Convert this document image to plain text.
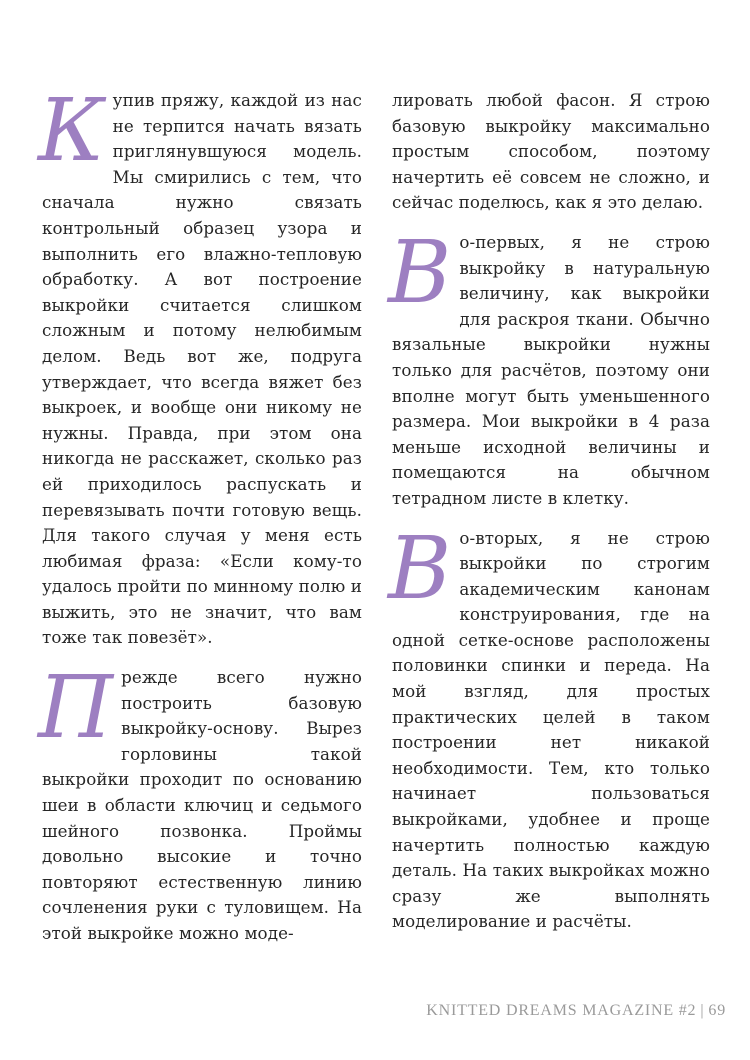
К упив пряжу, каждой из нас не терпится начать вязать приглянувшуюся модель. Мы смирились с тем, что сначала нужно связать контрольный образец узора и выполнить его влажно-тепловую обработку. А вот построение выкройки считается слишком сложным и потому нелюбимым делом. Ведь вот же, подруга утверждает, что всегда вяжет без выкроек, и вообще они никому не нужны. Правда, при этом она никогда не расскажет, сколько раз ей приходилось распускать и перевязывать почти готовую вещь. Для такого случая у меня есть любимая фраза: «Если кому-то удалось пройти по минному полю и выжить, это не значит, что вам тоже так повезёт».

П режде всего нужно построить базовую выкройку-основу. Вырез горловины такой выкройки проходит по основанию шеи в области ключиц и седьмого шейного позвонка. Проймы довольно высокие и точно повторяют естественную линию сочленения руки с туловищем. На этой выкройке можно моде-

лировать любой фасон. Я строю базовую выкройку максимально простым способом, поэтому начертить её совсем не сложно, и сейчас поделюсь, как я это делаю.

В о-первых, я не строю выкройку в натуральную величину, как выкройки для раскроя ткани. Обычно вязальные выкройки нужны только для расчётов, поэтому они вполне могут быть уменьшенного размера. Мои выкройки в 4 раза меньше исходной величины и помещаются на обычном тетрадном листе в клетку.

В о-вторых, я не строю выкройки по строгим академическим канонам конструирования, где на одной сетке-основе расположены половинки спинки и переда. На мой взгляд, для простых практических целей в таком построении нет никакой необходимости. Тем, кто только начинает пользоваться выкройками, удобнее и проще начертить полностью каждую деталь. На таких выкройках можно сразу же выполнять моделирование и расчёты.

KNITTED DREAMS MAGAZINE #2 | 69
